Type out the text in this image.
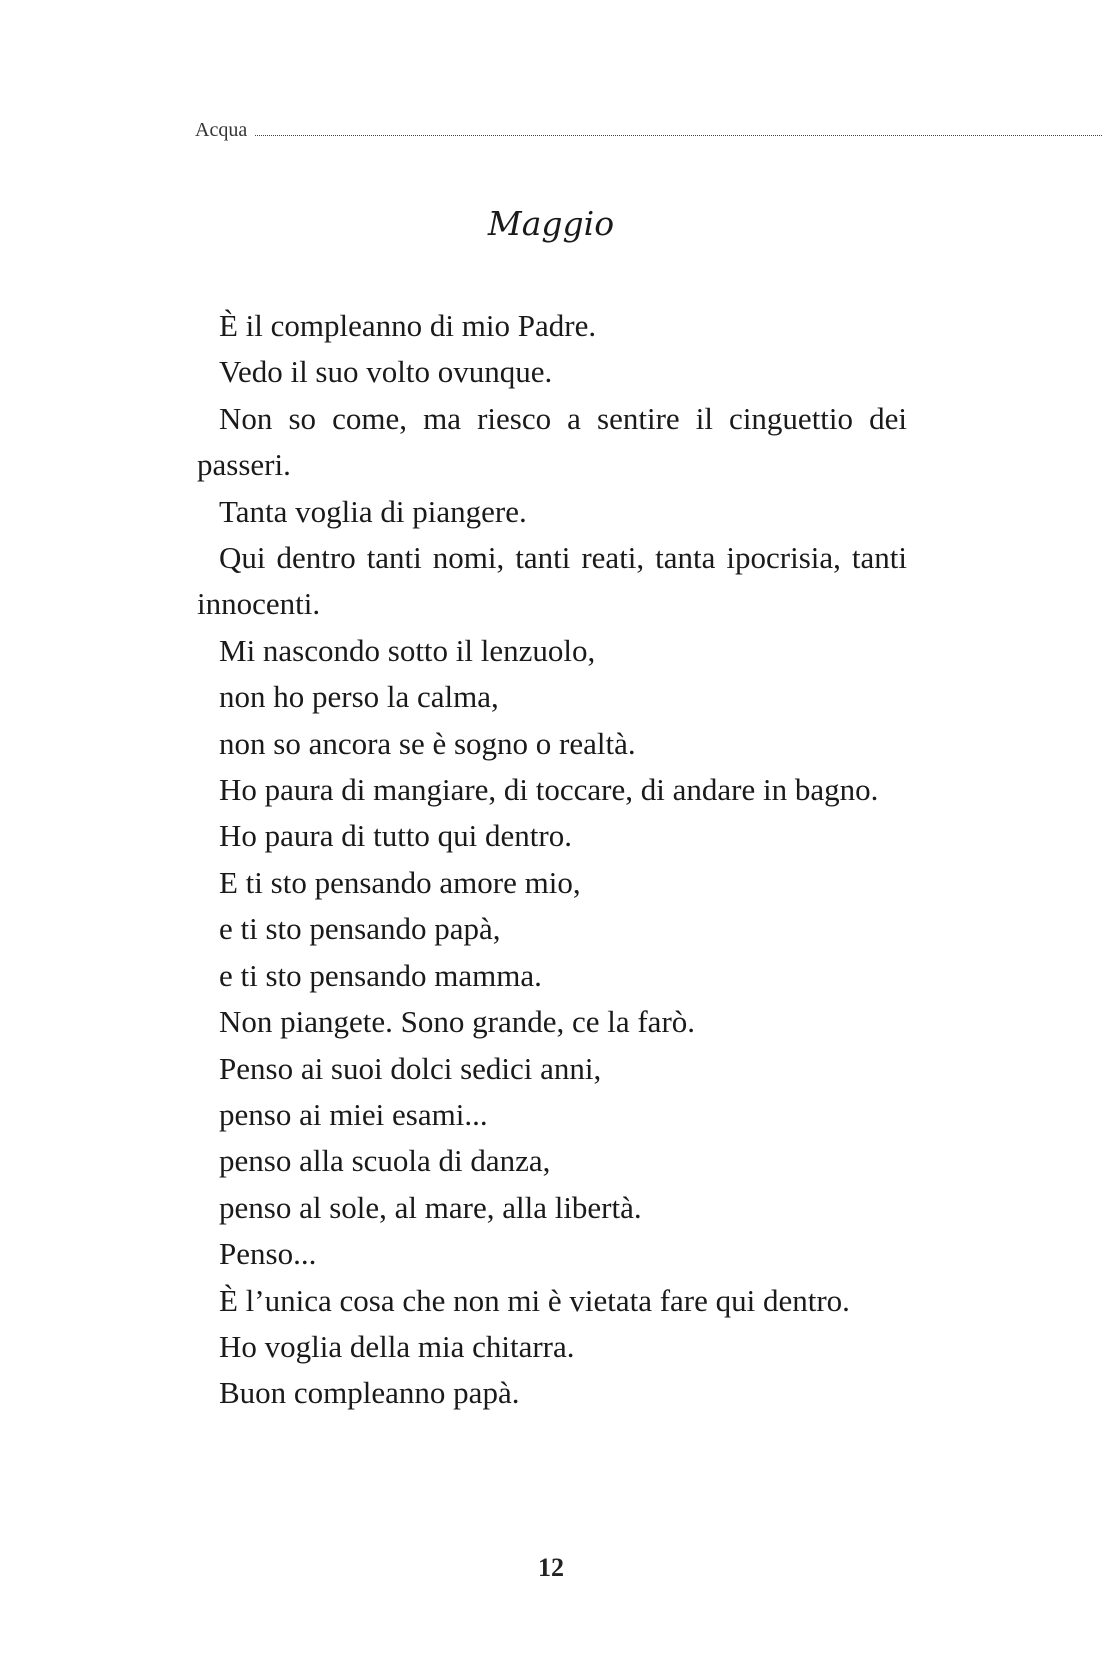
Acqua
Maggio

È il compleanno di mio Padre.

Vedo il suo volto ovunque.

Non so come, ma riesco a sentire il cinguettio dei passeri.

Tanta voglia di piangere.

Qui dentro tanti nomi, tanti reati, tanta ipocrisia, tanti innocenti.

Mi nascondo sotto il lenzuolo,

non ho perso la calma,

non so ancora se è sogno o realtà.

Ho paura di mangiare, di toccare, di andare in bagno.

Ho paura di tutto qui dentro.

E ti sto pensando amore mio,

e ti sto pensando papà,

e ti sto pensando mamma.

Non piangete. Sono grande, ce la farò.

Penso ai suoi dolci sedici anni,

penso ai miei esami...

penso alla scuola di danza,

penso al sole, al mare, alla libertà.

Penso...

È l’unica cosa che non mi è vietata fare qui dentro.

Ho voglia della mia chitarra.

Buon compleanno papà.

12
